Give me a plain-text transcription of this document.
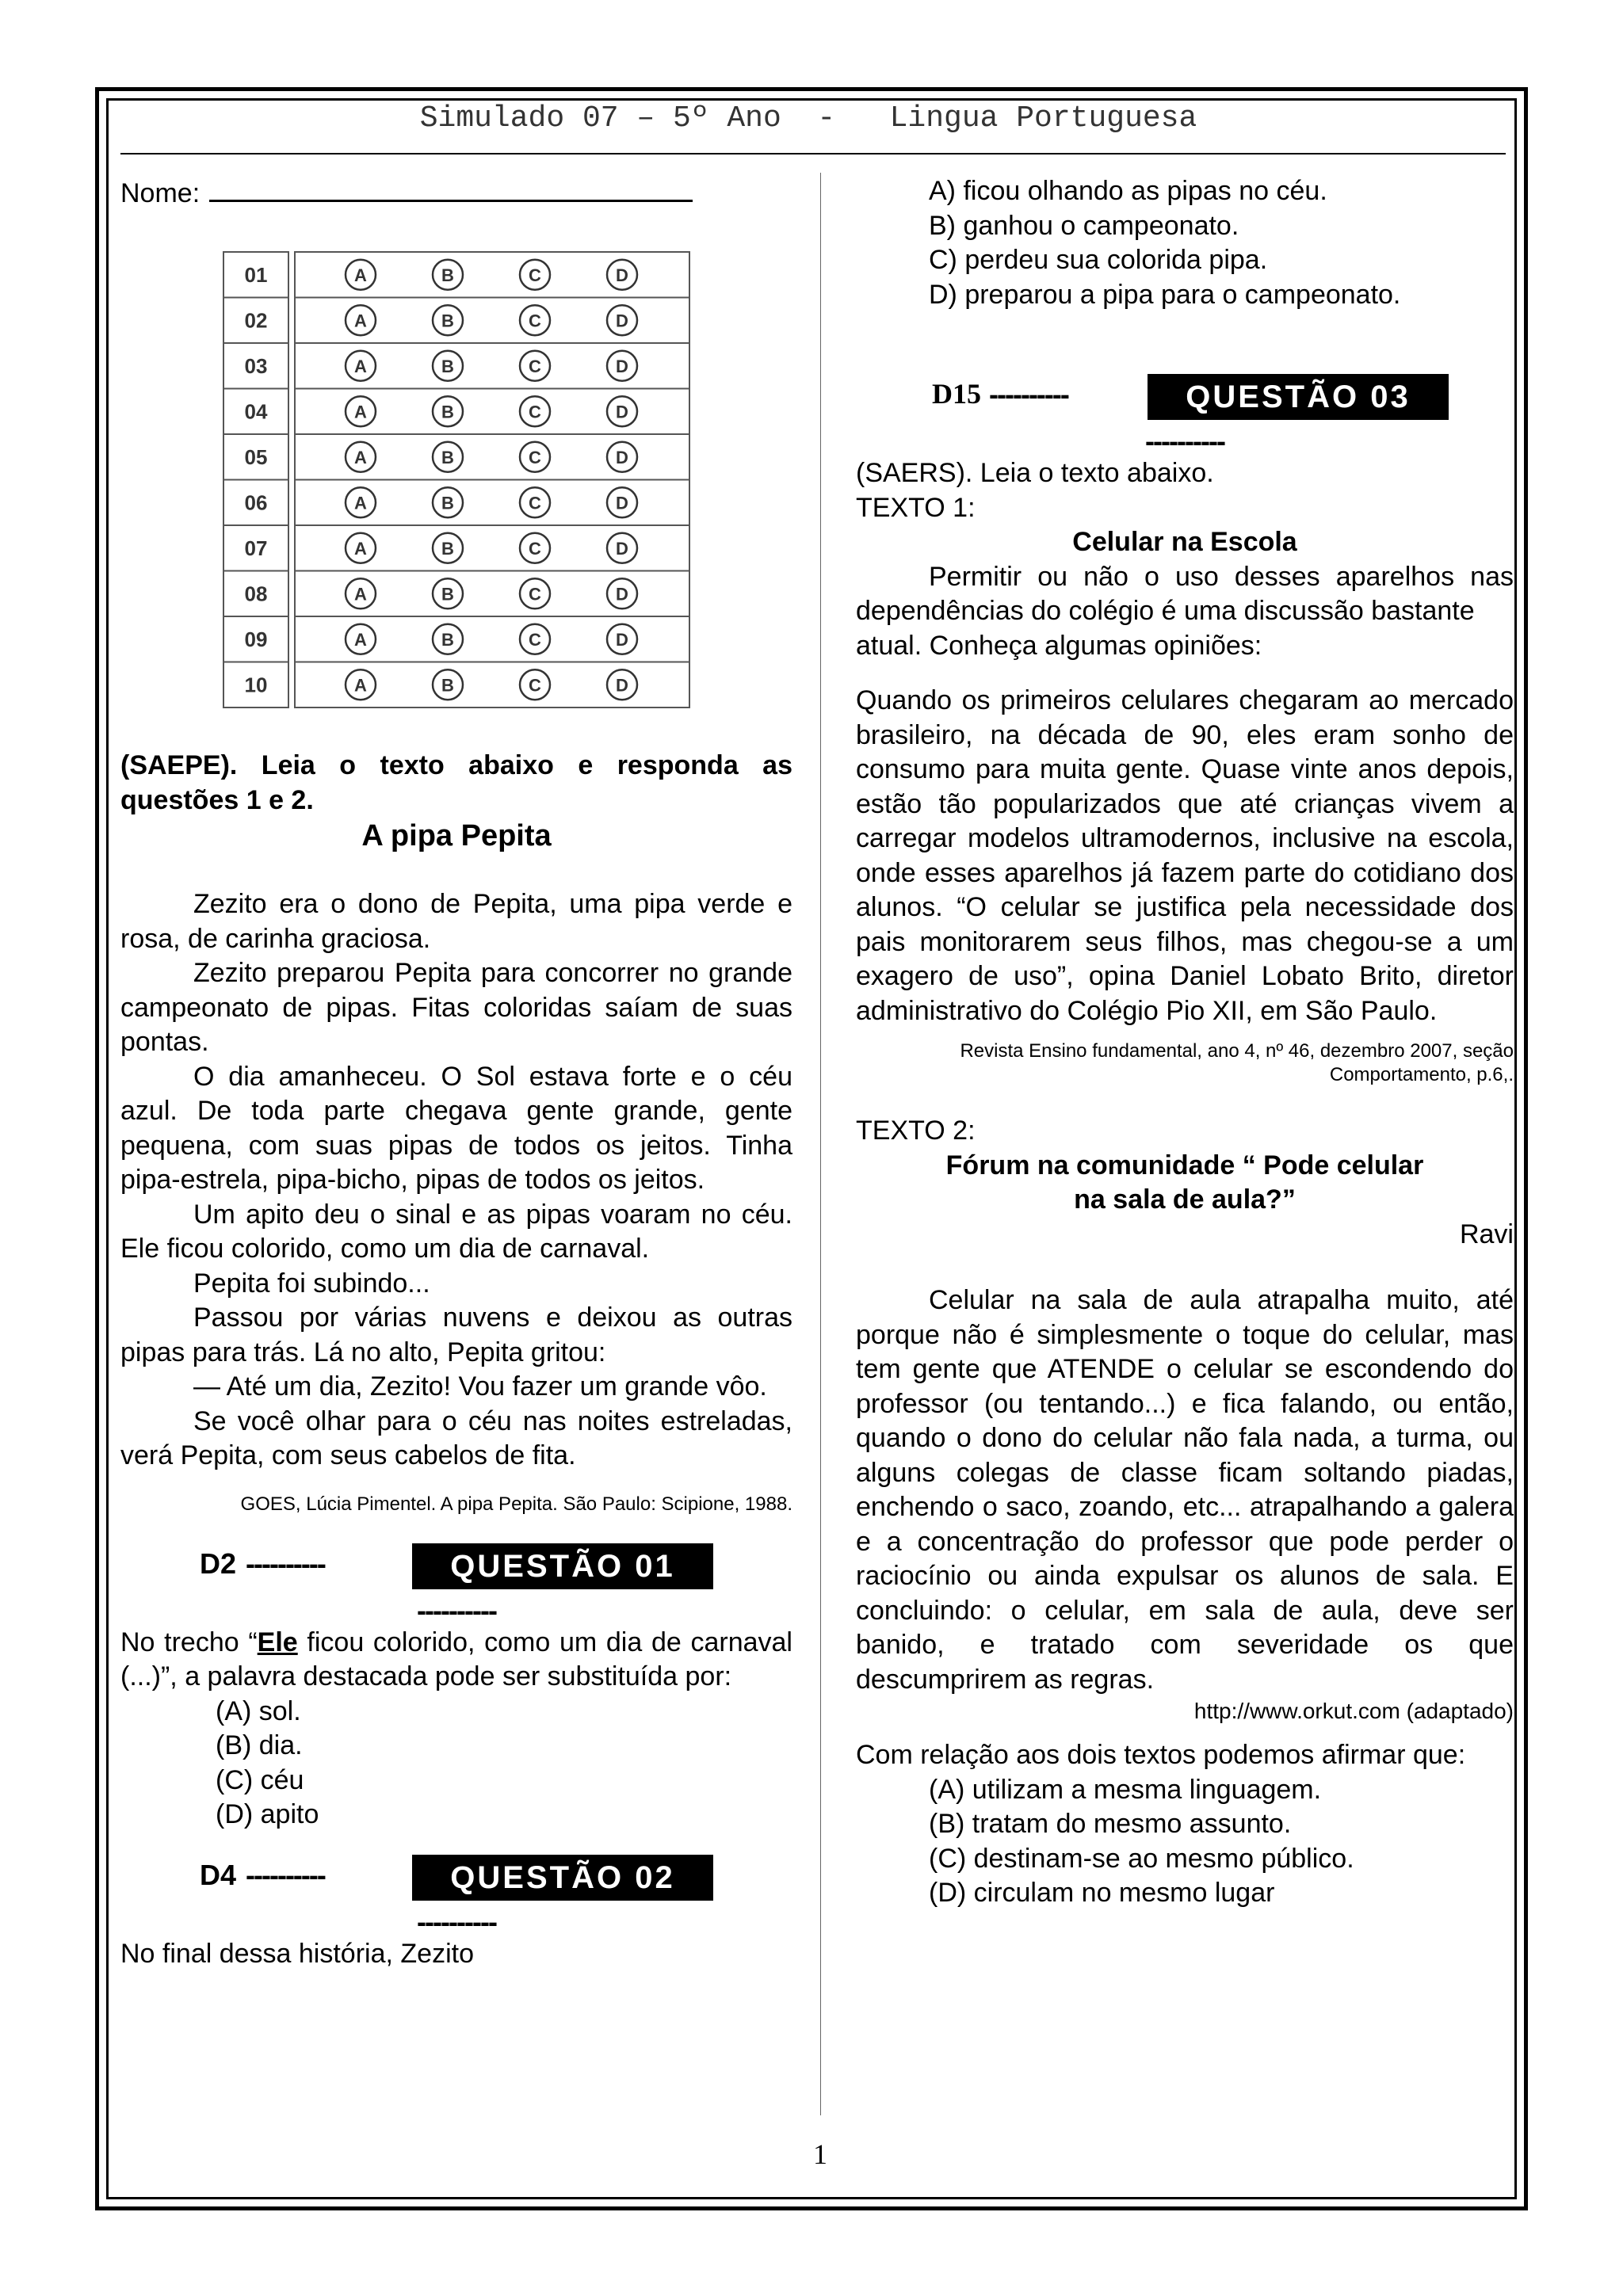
Simulado 07 – 5º Ano  -   Lingua Portuguesa

Nome:

01	A	B	C	D
02	A	B	C	D
03	A	B	C	D
04	A	B	C	D
05	A	B	C	D
06	A	B	C	D
07	A	B	C	D
08	A	B	C	D
09	A	B	C	D
10	A	B	C	D

(SAEPE). Leia o texto abaixo e responda as questões 1 e 2.

A pipa Pepita

Zezito era o dono de Pepita, uma pipa verde e rosa, de carinha graciosa.

Zezito preparou Pepita para concorrer no grande campeonato de pipas. Fitas coloridas saíam de suas pontas.

O dia amanheceu. O Sol estava forte e o céu azul. De toda parte chegava gente grande, gente pequena, com suas pipas de todos os jeitos. Tinha pipa-estrela, pipa-bicho, pipas de todos os jeitos.

Um apito deu o sinal e as pipas voaram no céu. Ele ficou colorido, como um dia de carnaval.

Pepita foi subindo...

Passou por várias nuvens e deixou as outras pipas para trás. Lá no alto, Pepita gritou:

— Até um dia, Zezito! Vou fazer um grande vôo.

Se você olhar para o céu nas noites estreladas, verá Pepita, com seus cabelos de fita.

GOES, Lúcia Pimentel. A pipa Pepita. São Paulo: Scipione, 1988.

D2 ----------	QUESTÃO 01

----------

No trecho “Ele ficou colorido, como um dia de carnaval (...)”, a palavra destacada pode ser substituída por:

(A) sol.

(B) dia.

(C) céu

(D) apito

D4 ----------	QUESTÃO 02

----------

No final dessa história, Zezito

A) ficou olhando as pipas no céu.

B) ganhou o campeonato.

C) perdeu sua colorida pipa.

D) preparou a pipa para o campeonato.

D15 ----------	QUESTÃO 03

----------

(SAERS). Leia o texto abaixo.

TEXTO 1:

Celular na Escola

Permitir ou não o uso desses aparelhos nas dependências do colégio é uma discussão bastante

atual. Conheça algumas opiniões:

Quando os primeiros celulares chegaram ao mercado brasileiro, na década de 90, eles eram sonho de consumo para muita gente. Quase vinte anos depois, estão tão popularizados que até crianças vivem a carregar modelos ultramodernos, inclusive na escola, onde esses aparelhos já fazem parte do cotidiano dos alunos. “O celular se justifica pela necessidade dos pais monitorarem seus filhos, mas chegou-se a um exagero de uso”, opina Daniel Lobato Brito, diretor administrativo do Colégio Pio XII, em São Paulo.

Revista Ensino fundamental, ano 4, nº 46, dezembro 2007, seção Comportamento, p.6,.

TEXTO 2:

Fórum na comunidade “ Pode celular

na sala de aula?”

Ravi

Celular na sala de aula atrapalha muito, até porque não é simplesmente o toque do celular, mas tem gente que ATENDE o celular se escondendo do professor (ou tentando...) e fica falando, ou então, quando o dono do celular não fala nada, a turma, ou alguns colegas de classe ficam soltando piadas, enchendo o saco, zoando, etc... atrapalhando a galera e a concentração do professor que pode perder o raciocínio ou ainda expulsar os alunos de sala. E concluindo: o celular, em sala de aula, deve ser banido, e tratado com severidade os que descumprirem as regras.

http://www.orkut.com (adaptado)

Com relação aos dois textos podemos afirmar que:

(A) utilizam a mesma linguagem.

(B) tratam do mesmo assunto.

(C) destinam-se ao mesmo público.

(D) circulam no mesmo lugar

1
